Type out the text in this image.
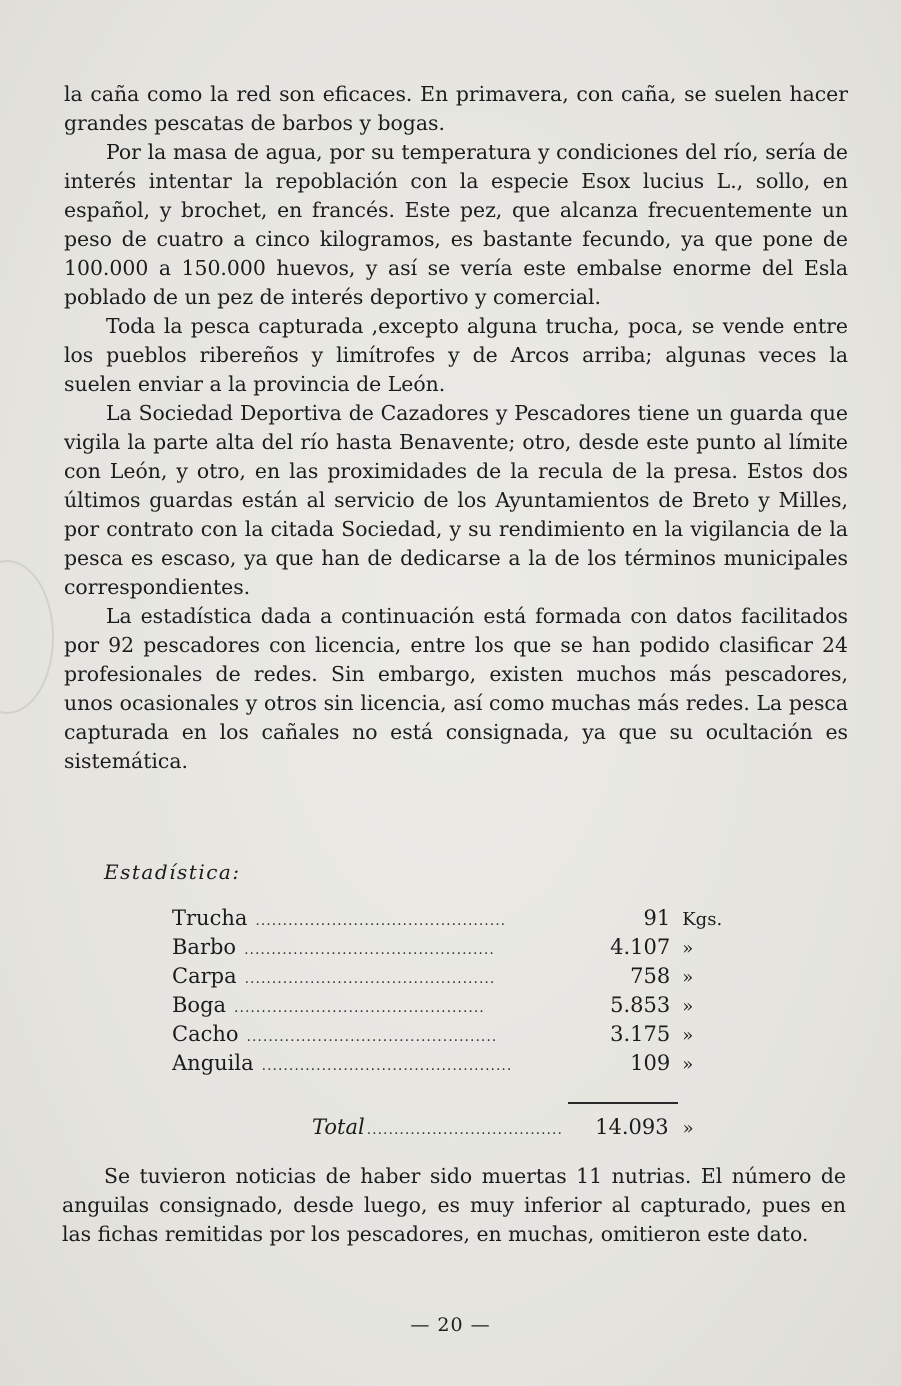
la caña como la red son eficaces. En primavera, con caña, se suelen hacer grandes pescatas de barbos y bogas.

Por la masa de agua, por su temperatura y condiciones del río, sería de interés intentar la repoblación con la especie Esox lucius L., sollo, en español, y brochet, en francés. Este pez, que alcanza frecuentemente un peso de cuatro a cinco kilogramos, es bastante fecundo, ya que pone de 100.000 a 150.000 huevos, y así se vería este embalse enorme del Esla poblado de un pez de interés deportivo y comercial.

Toda la pesca capturada ,excepto alguna trucha, poca, se vende entre los pueblos ribereños y limítrofes y de Arcos arriba; algunas veces la suelen enviar a la provincia de León.

La Sociedad Deportiva de Cazadores y Pescadores tiene un guarda que vigila la parte alta del río hasta Benavente; otro, desde este punto al límite con León, y otro, en las proximidades de la recula de la presa. Estos dos últimos guardas están al servicio de los Ayuntamientos de Breto y Milles, por contrato con la citada Sociedad, y su rendimiento en la vigilancia de la pesca es escaso, ya que han de dedicarse a la de los términos municipales correspondientes.

La estadística dada a continuación está formada con datos facilitados por 92 pescadores con licencia, entre los que se han podido clasificar 24 profesionales de redes. Sin embargo, existen muchos más pescadores, unos ocasionales y otros sin licencia, así como muchas más redes. La pesca capturada en los cañales no está consignada, ya que su ocultación es sistemática.

Estadística:
Trucha ..............................................	91 Kgs.
Barbo ..............................................	4.107 »
Carpa ..............................................	758 »
Boga ..............................................	5.853 »
Cacho ..............................................	3.175 »
Anguila ..............................................	109 »
Total ....................................	14.093 »

Se tuvieron noticias de haber sido muertas 11 nutrias. El número de anguilas consignado, desde luego, es muy inferior al capturado, pues en las fichas remitidas por los pescadores, en muchas, omitieron este dato.

— 20 —
